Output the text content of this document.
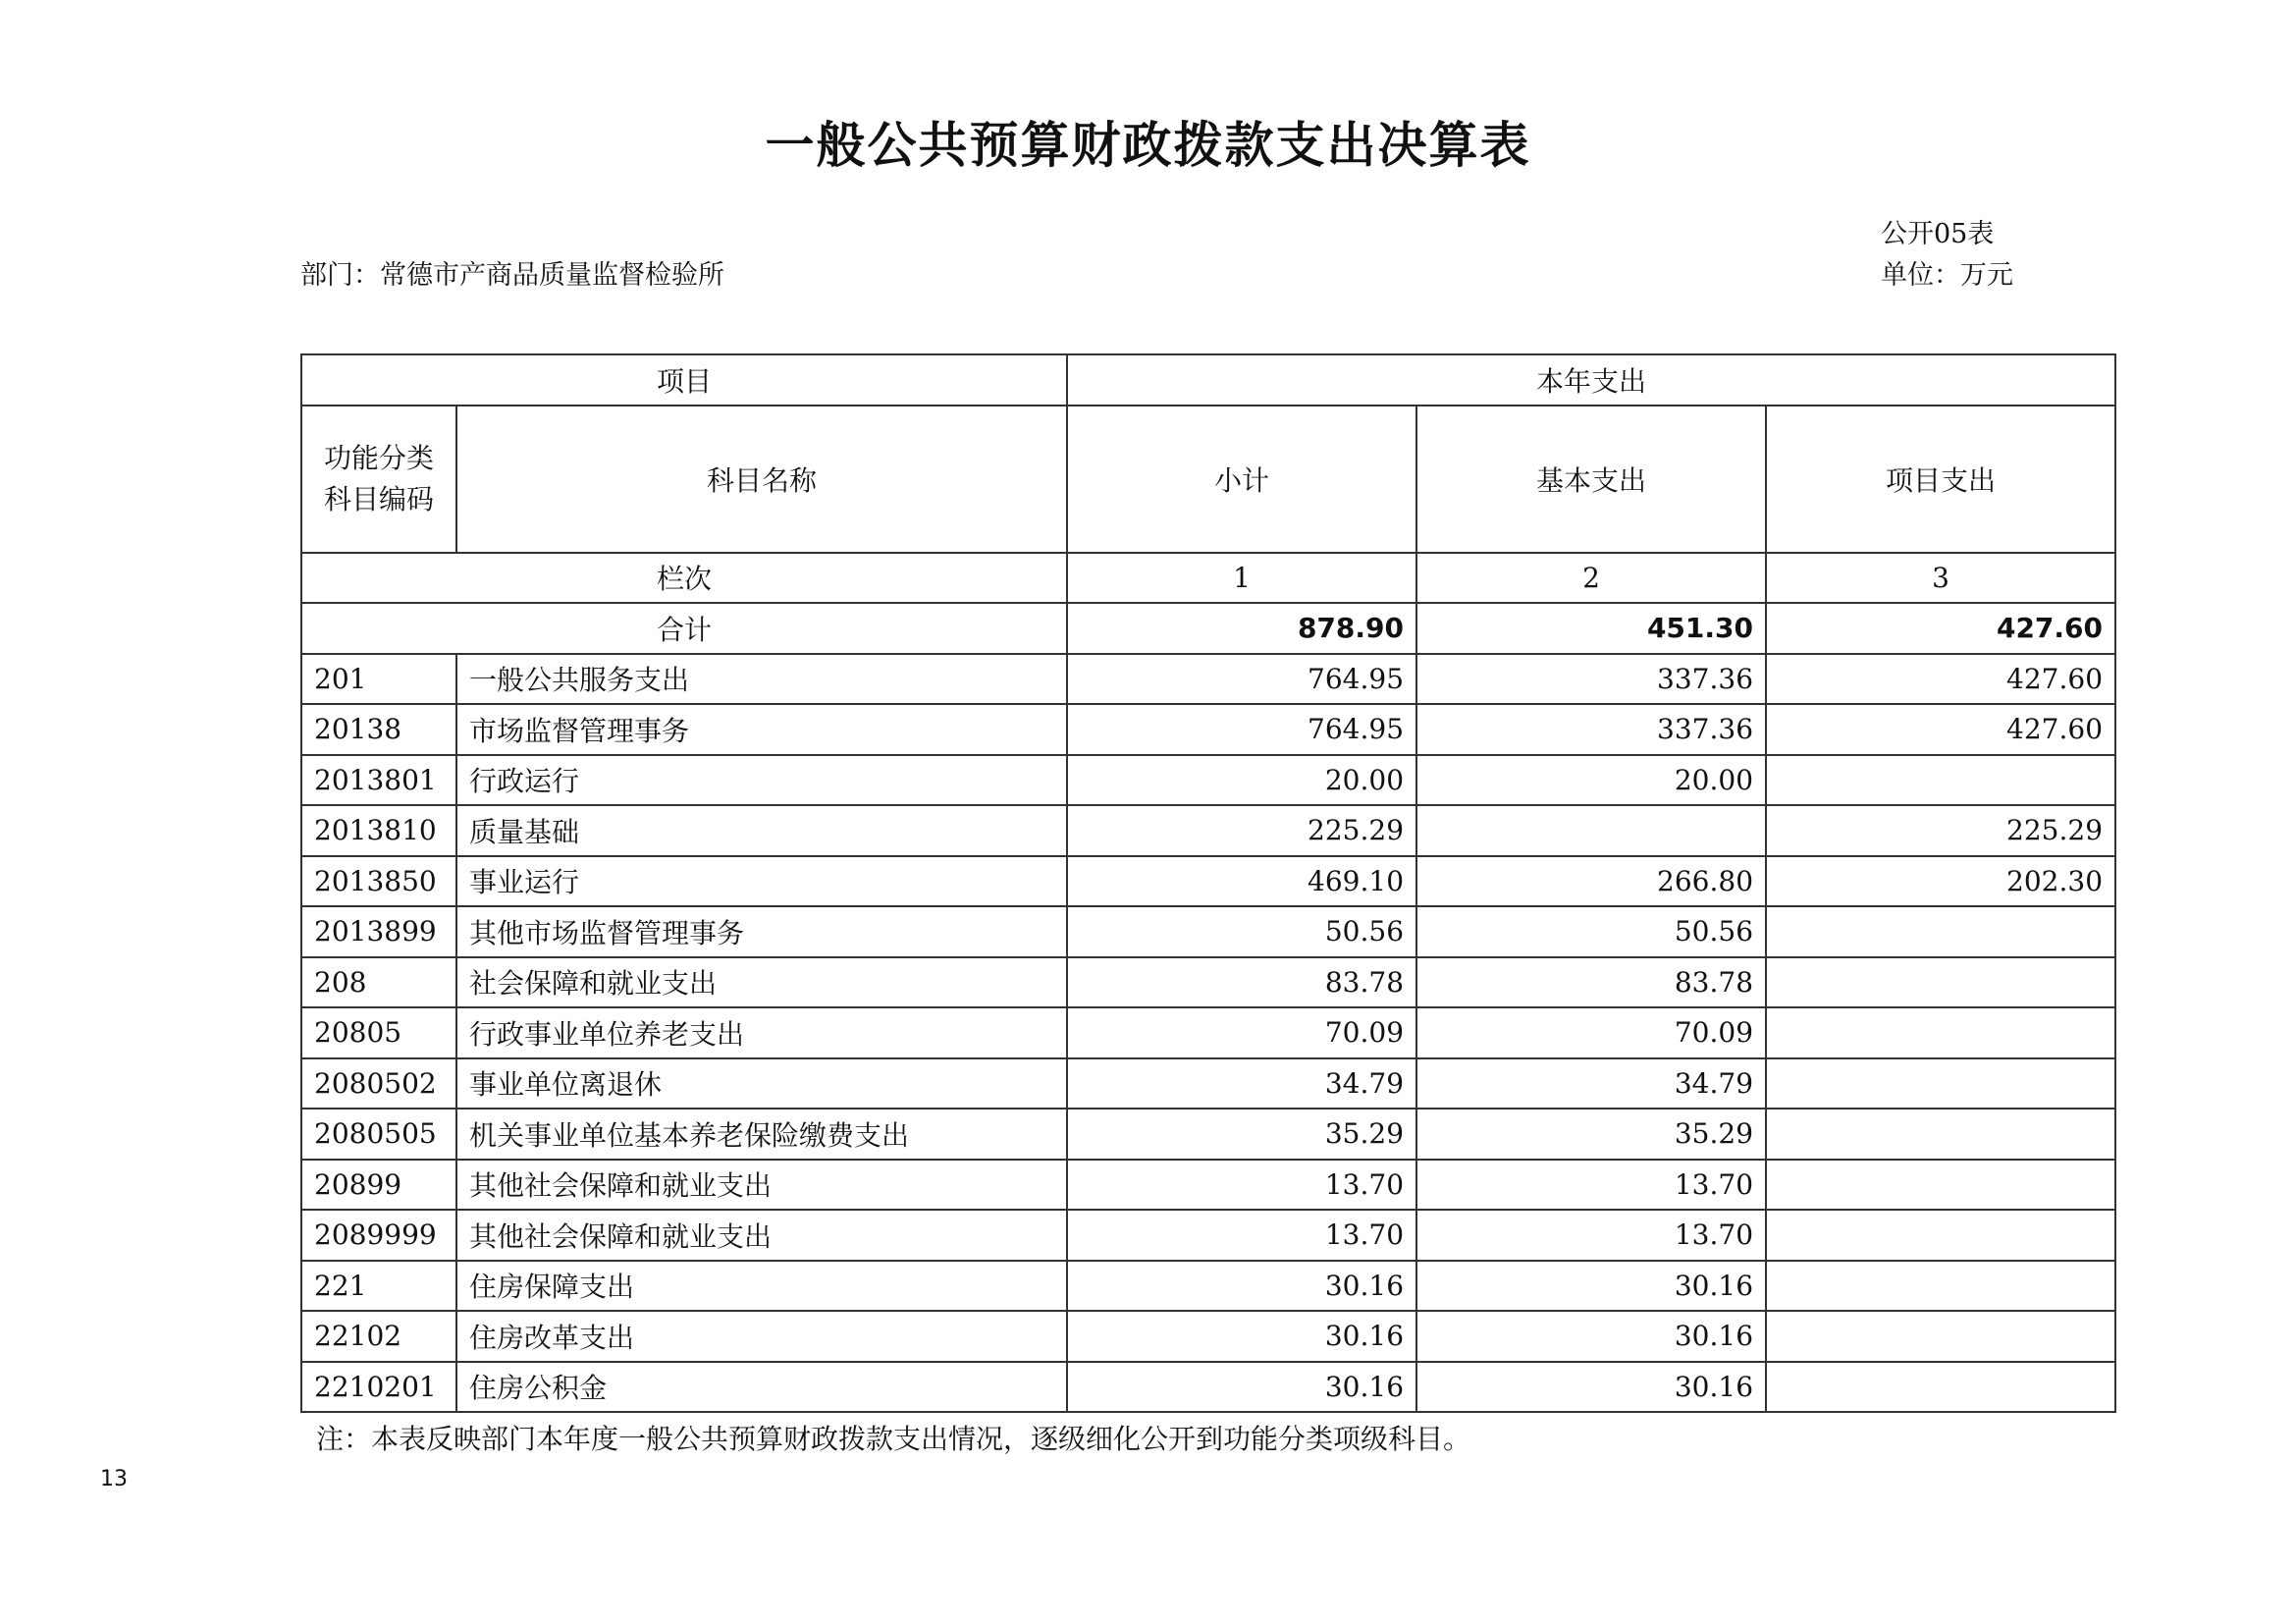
一般公共预算财政拨款支出决算表
公开05表
部门：常德市产商品质量监督检验所	单位：万元
项目		本年支出		

功能分类
科目编码	科目名称	小计	基本支出	项目支出
栏次		1	2	3
合计		878.90	451.30	427.60
201	一般公共服务支出	764.95	337.36	427.60
20138	市场监督管理事务	764.95	337.36	427.60
2013801	行政运行	20.00	20.00	
2013810	质量基础	225.29		225.29
2013850	事业运行	469.10	266.80	202.30
2013899	其他市场监督管理事务	50.56	50.56	
208	社会保障和就业支出	83.78	83.78	
20805	行政事业单位养老支出	70.09	70.09	
2080502	事业单位离退休	34.79	34.79	
2080505	机关事业单位基本养老保险缴费支出	35.29	35.29	
20899	其他社会保障和就业支出	13.70	13.70	
2089999	其他社会保障和就业支出	13.70	13.70	
221	住房保障支出	30.16	30.16	
22102	住房改革支出	30.16	30.16	
2210201	住房公积金	30.16	30.16	
注：本表反映部门本年度一般公共预算财政拨款支出情况，逐级细化公开到功能分类项级科目。
13
